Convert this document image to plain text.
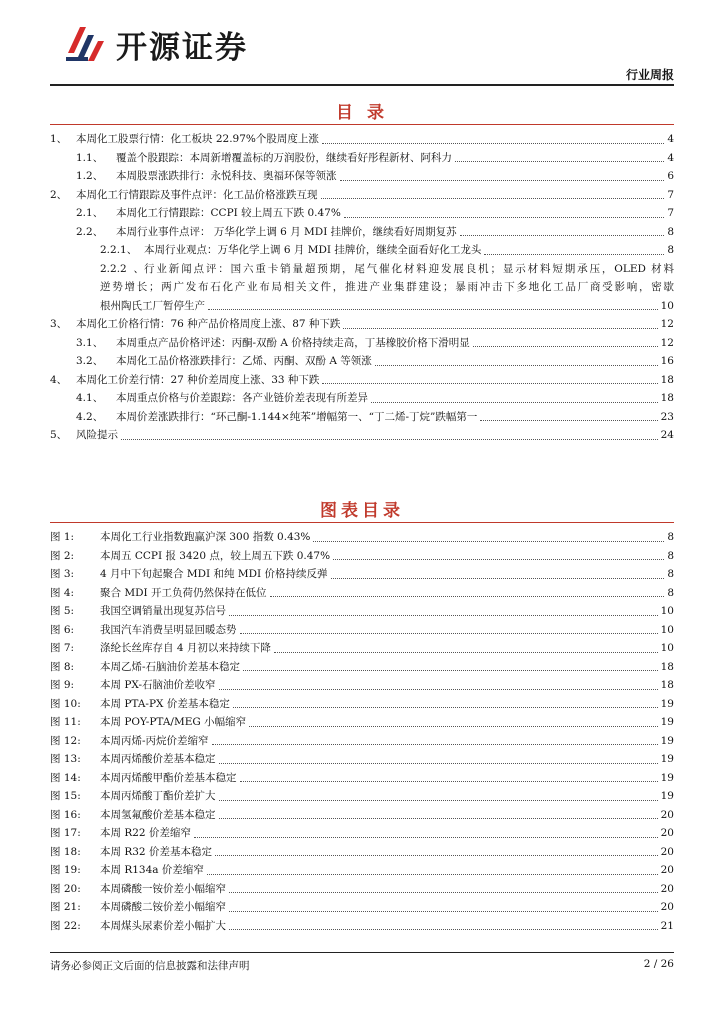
开源证券
行业周报
目 录
1、 本周化工股票行情：化工板块 22.97%个股周度上涨	4
1.1、	覆盖个股跟踪：本周新增覆盖标的万润股份，继续看好彤程新材、阿科力	4
1.2、	本周股票涨跌排行：永悦科技、奥福环保等领涨	6
2、 本周化工行情跟踪及事件点评：化工品价格涨跌互现	7
2.1、	本周化工行情跟踪：CCPI 较上周五下跌 0.47%	7
2.2、	本周行业事件点评： 万华化学上调 6 月 MDI 挂牌价，继续看好周期复苏	8
2.2.1、 本周行业观点：万华化学上调 6 月 MDI 挂牌价，继续全面看好化工龙头	8
2.2.2、 行业新闻点评：国六重卡销量超预期，尾气催化材料迎发展良机；显示材料短期承压，OLED 材料
逆势增长；两广发布石化产业布局相关文件，推进产业集群建设；暴雨冲击下多地化工品厂商受影响，密歇
根州陶氏工厂暂停生产	10
3、 本周化工价格行情：76 种产品价格周度上涨、87 种下跌	12
3.1、	本周重点产品价格评述：丙酮-双酚 A 价格持续走高，丁基橡胶价格下滑明显	12
3.2、	本周化工品价格涨跌排行：乙烯、丙酮、双酚 A 等领涨	16
4、 本周化工价差行情：27 种价差周度上涨、33 种下跌	18
4.1、	本周重点价格与价差跟踪：各产业链价差表现有所差异	18
4.2、	本周价差涨跌排行：“环己酮-1.144×纯苯”增幅第一、“丁二烯-丁烷”跌幅第一	23
5、 风险提示	24
图表目录
图 1:	本周化工行业指数跑赢沪深 300 指数 0.43%	8
图 2:	本周五 CCPI 报 3420 点，较上周五下跌 0.47%	8
图 3:	4 月中下旬起聚合 MDI 和纯 MDI 价格持续反弹	8
图 4:	聚合 MDI 开工负荷仍然保持在低位	8
图 5:	我国空调销量出现复苏信号	10
图 6:	我国汽车消费呈明显回暖态势	10
图 7:	涤纶长丝库存自 4 月初以来持续下降	10
图 8:	本周乙烯-石脑油价差基本稳定	18
图 9:	本周 PX-石脑油价差收窄	18
图 10:	本周 PTA-PX 价差基本稳定	19
图 11:	本周 POY-PTA/MEG 小幅缩窄	19
图 12:	本周丙烯-丙烷价差缩窄	19
图 13:	本周丙烯酸价差基本稳定	19
图 14:	本周丙烯酸甲酯价差基本稳定	19
图 15:	本周丙烯酸丁酯价差扩大	19
图 16:	本周氢氟酸价差基本稳定	20
图 17:	本周 R22 价差缩窄	20
图 18:	本周 R32 价差基本稳定	20
图 19:	本周 R134a 价差缩窄	20
图 20:	本周磷酸一铵价差小幅缩窄	20
图 21:	本周磷酸二铵价差小幅缩窄	20
图 22:	本周煤头尿素价差小幅扩大	21
请务必参阅正文后面的信息披露和法律声明	2 / 26
